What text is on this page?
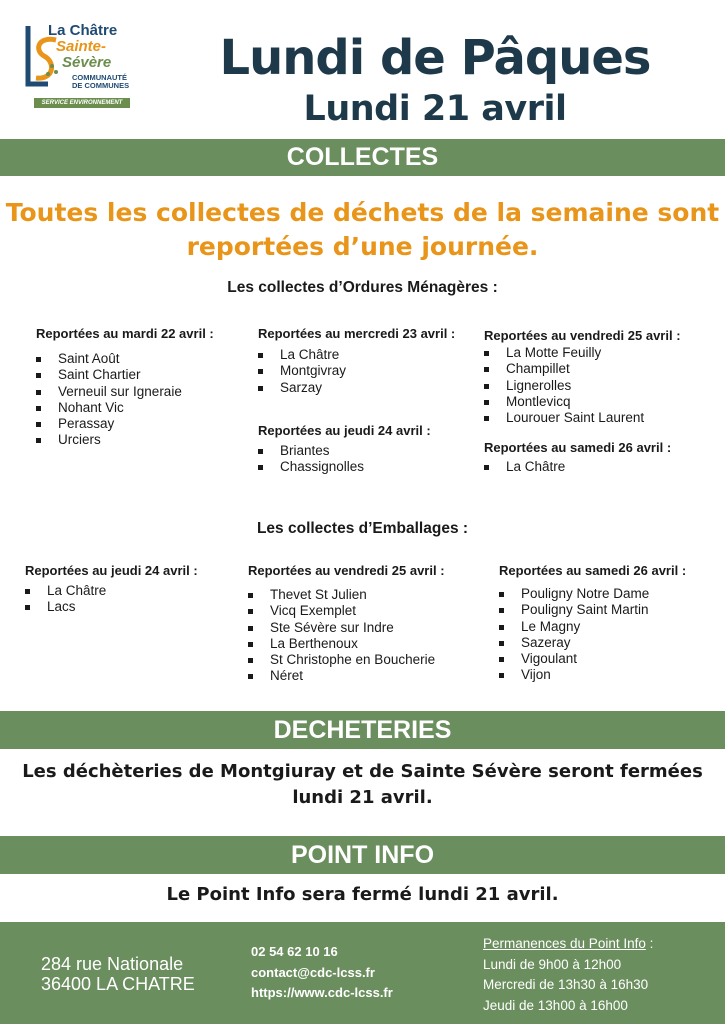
La Châtre
Sainte-
Sévère
COMMUNAUTÉ
DE COMMUNES
SERVICE ENVIRONNEMENT
Lundi de Pâques
Lundi 21 avril
COLLECTES
Toutes les collectes de déchets de la semaine sont
reportées d’une journée.
Les collectes d’Ordures Ménagères :
Reportées au mardi 22 avril :
Saint Août
Saint Chartier
Verneuil sur Igneraie
Nohant Vic
Perassay
Urciers
Reportées au mercredi 23 avril :
La Châtre
Montgivray
Sarzay
Reportées au jeudi 24 avril :
Briantes
Chassignolles
Reportées au vendredi 25 avril :
La Motte Feuilly
Champillet
Lignerolles
Montlevicq
Lourouer Saint Laurent
Reportées au samedi 26 avril :
La Châtre
Les collectes d’Emballages :
Reportées au jeudi 24 avril :
La Châtre
Lacs
Reportées au vendredi 25 avril :
Thevet St Julien
Vicq Exemplet
Ste Sévère sur Indre
La Berthenoux
St Christophe en Boucherie
Néret
Reportées au samedi 26 avril :
Pouligny Notre Dame
Pouligny Saint Martin
Le Magny
Sazeray
Vigoulant
Vijon
DECHETERIES
Les déchèteries de Montgiuray et de Sainte Sévère seront fermées
lundi 21 avril.
POINT INFO
Le Point Info sera fermé lundi 21 avril.
284 rue Nationale
36400 LA CHATRE
02 54 62 10 16
contact@cdc-lcss.fr
https://www.cdc-lcss.fr
Permanences du Point Info :
Lundi de 9h00 à 12h00
Mercredi de 13h30 à 16h30
Jeudi de 13h00 à 16h00
